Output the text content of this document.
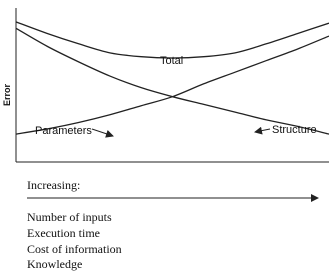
Error
Total
Parameters	Structure
Increasing:
Number of inputs
Execution time
Cost of information
Knowledge
